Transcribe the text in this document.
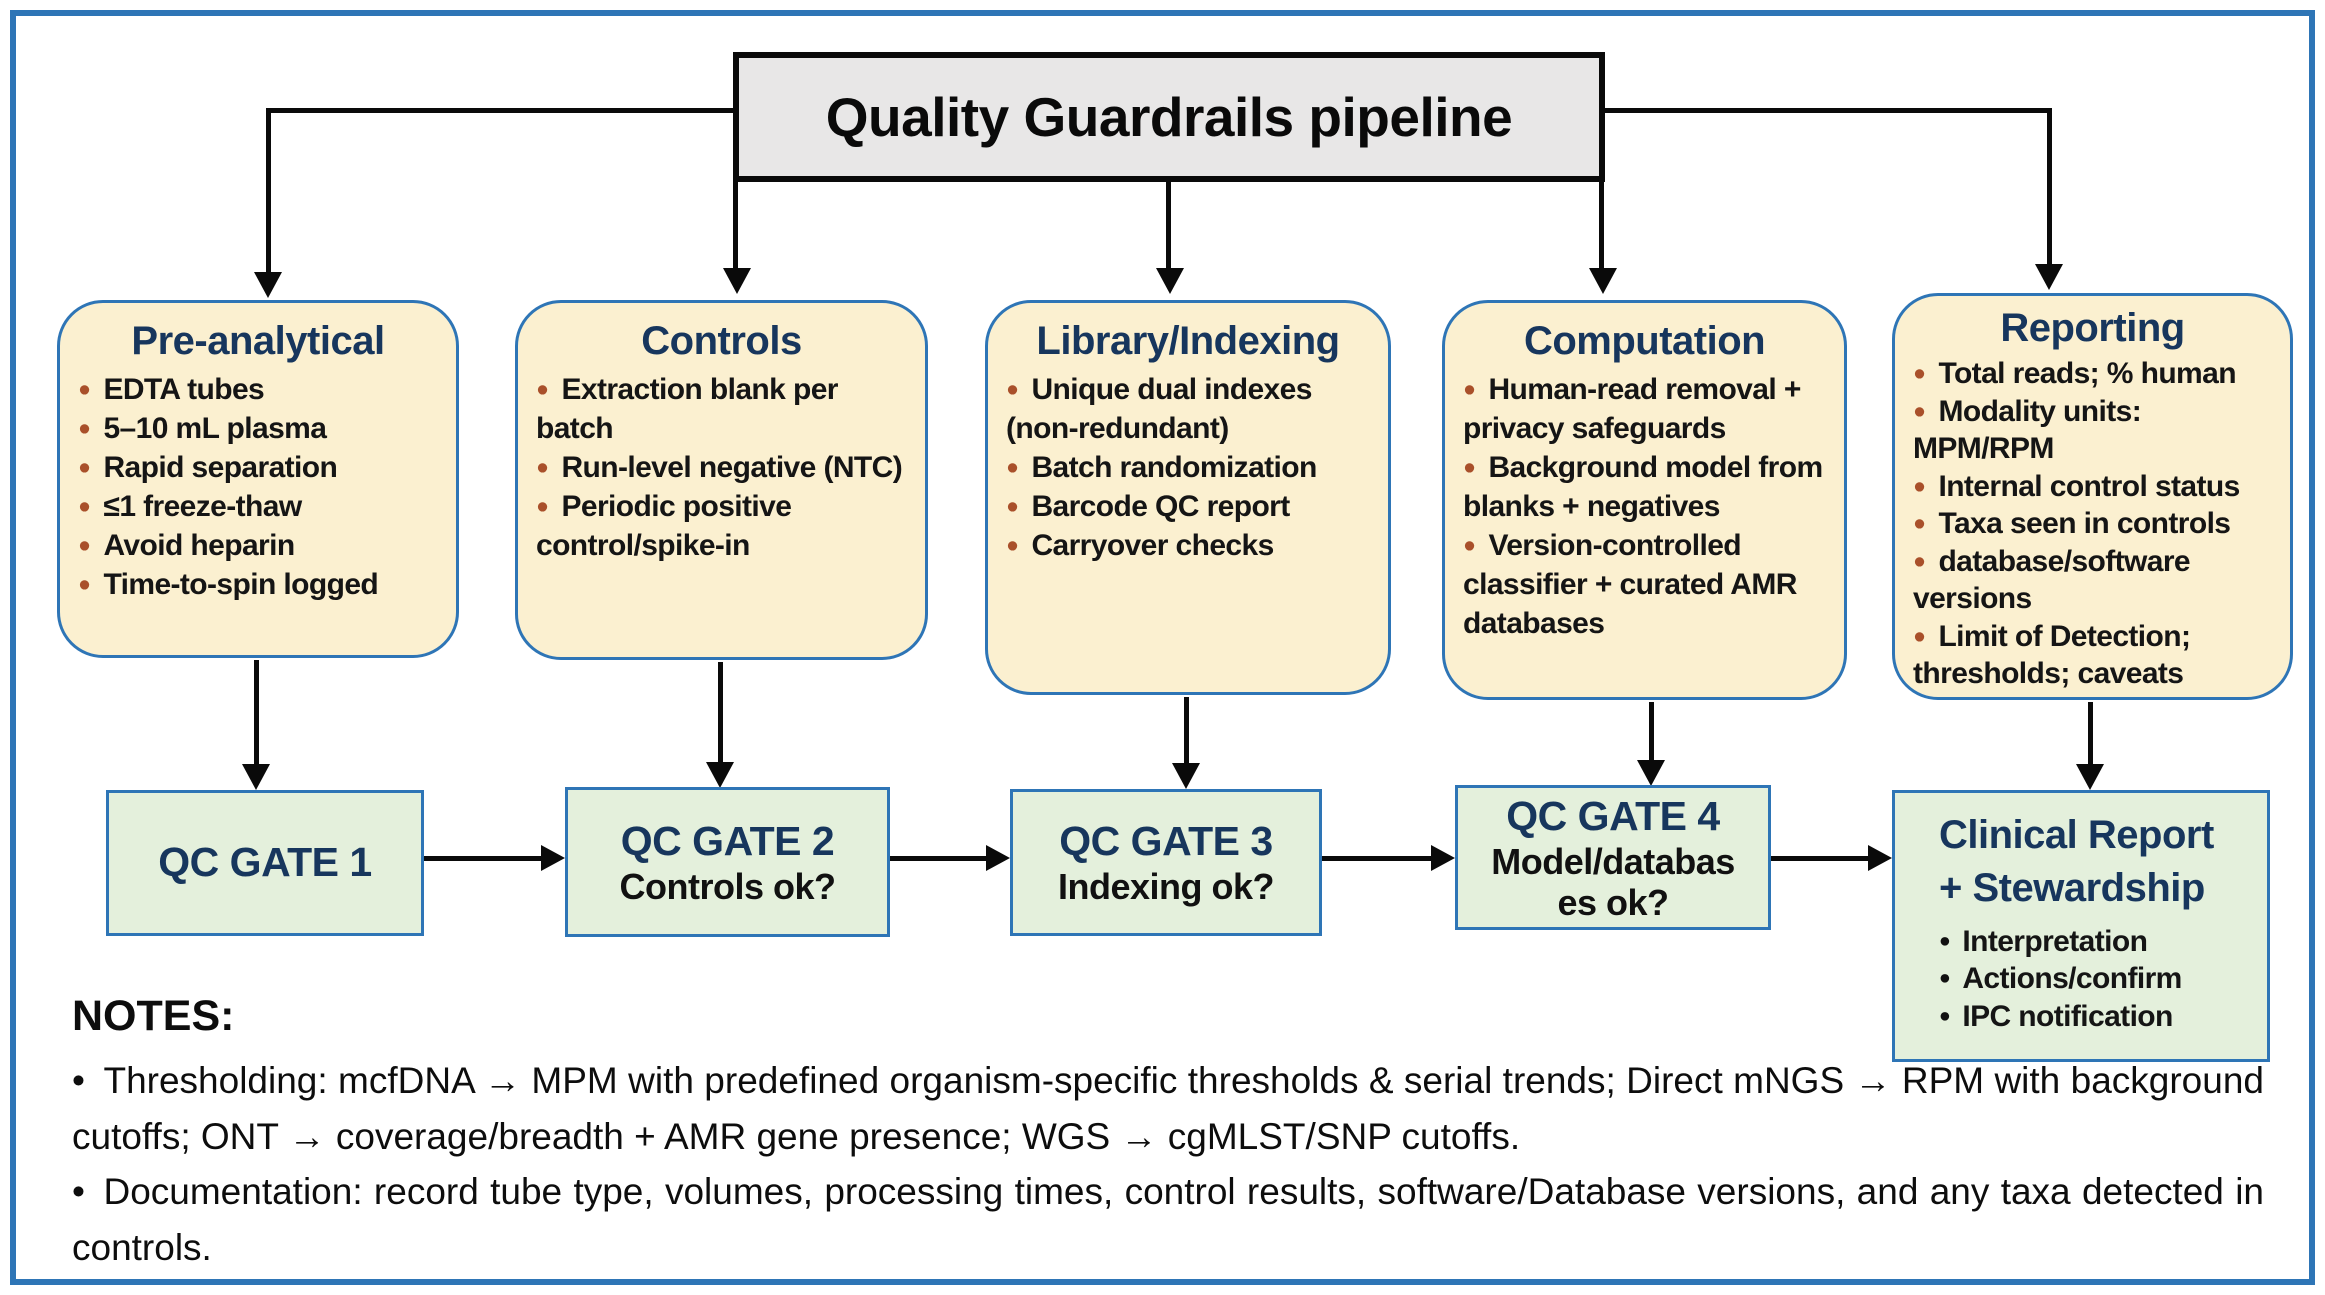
Quality Guardrails pipeline
Pre-analytical

● EDTA tubes

● 5–10 mL plasma

● Rapid separation

● ≤1 freeze-thaw

● Avoid heparin

● Time-to-spin logged

Controls

● Extraction blank per batch

● Run-level negative (NTC)

● Periodic positive control/spike-in

Library/Indexing

● Unique dual indexes (non-redundant)

● Batch randomization

● Barcode QC report

● Carryover checks

Computation

● Human-read removal + privacy safeguards

● Background model from blanks + negatives

● Version-controlled classifier + curated AMR databases

Reporting

● Total reads; % human

● Modality units: MPM/RPM

● Internal control status

● Taxa seen in controls

● database/software versions

● Limit of Detection; thresholds; caveats

QC GATE 1	QC GATE 2
Controls ok?
QC GATE 3
Indexing ok?
QC GATE 4
Model/databas
es ok?
Clinical Report
+ Stewardship

● Interpretation

● Actions/confirm

● IPC notification

NOTES:

• Thresholding: mcfDNA → MPM with predefined organism-specific thresholds & serial trends; Direct mNGS → RPM with background cutoffs; ONT → coverage/breadth + AMR gene presence; WGS → cgMLST/SNP cutoffs.

• Documentation: record tube type, volumes, processing times, control results, software/Database versions, and any taxa detected in controls.
